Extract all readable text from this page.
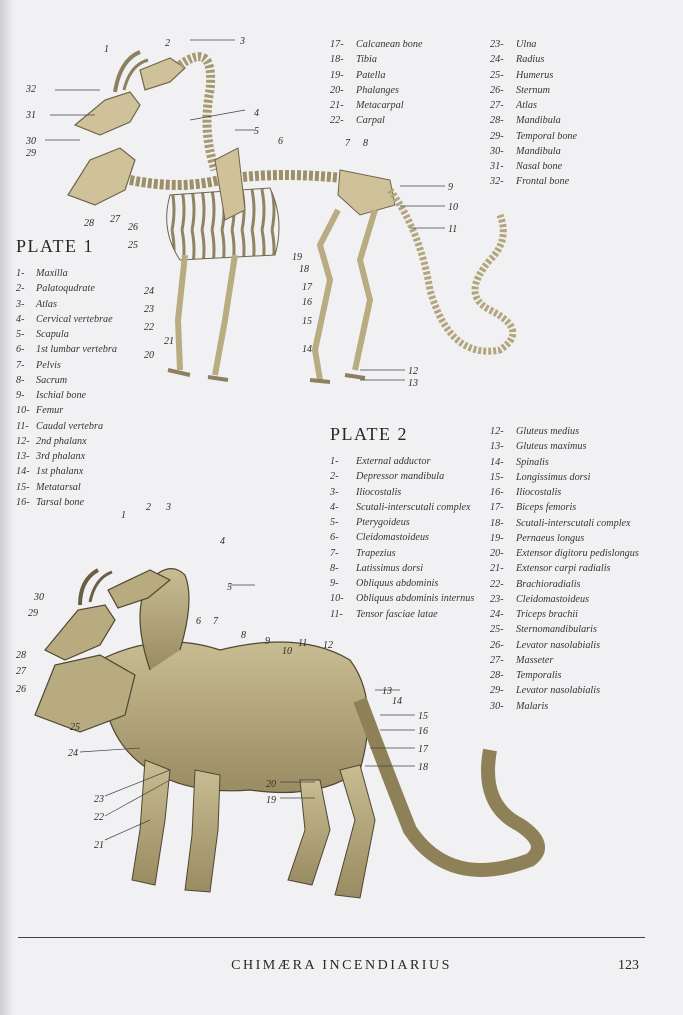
PLATE 1
1- Maxilla
2- Palatoqudrate
3- Atlas
4- Cervical vertebrae
5- Scapula
6- 1st lumbar vertebra
7- Pelvis
8- Sacrum
9- Ischial bone
10- Femur
11- Caudal vertebra
12- 2nd phalanx
13- 3rd phalanx
14- 1st phalanx
15- Metatarsal
16- Tarsal bone
17- Calcanean bone
18- Tibia
19- Patella
20- Phalanges
21- Metacarpal
22- Carpal
23- Ulna
24- Radius
25- Humerus
26- Sternum
27- Atlas
28- Mandibula
29- Temporal bone
30- Mandibula
31- Nasal bone
32- Frontal bone
PLATE 2
1- External adductor
2- Depressor mandibula
3- Iliocostalis
4- Scutali-interscutali complex
5- Pterygoideus
6- Cleidomastoideus
7- Trapezius
8- Latissimus dorsi
9- Obliquus abdominis
10- Obliquus abdominis internus
11- Tensor fasciae latae
12- Gluteus medius
13- Gluteus maximus
14- Spinalis
15- Longissimus dorsi
16- Iliocostalis
17- Biceps femoris
18- Scutali-interscutali complex
19- Pernaeus longus
20- Extensor digitoru pedislongus
21- Extensor carpi radialis
22- Brachioradialis
23- Cleidomastoideus
24- Triceps brachii
25- Sternomandibularis
26- Levator nasolabialis
27- Masseter
28- Temporalis
29- Levator nasolabialis
30- Malaris
1
2	3
4
5
6	7 8
9
10
11
12
13
14
15
16
17
18
19
20
21
22
23
24
25
26
27
28
29
30
31
32
1
2 3
4
5
6 7
8
9
10
11 12
13
14
15
16
17
18
19
20
21
22
23
24
25
26
27
28
29
30
CHIMÆRA INCENDIARIUS	123
